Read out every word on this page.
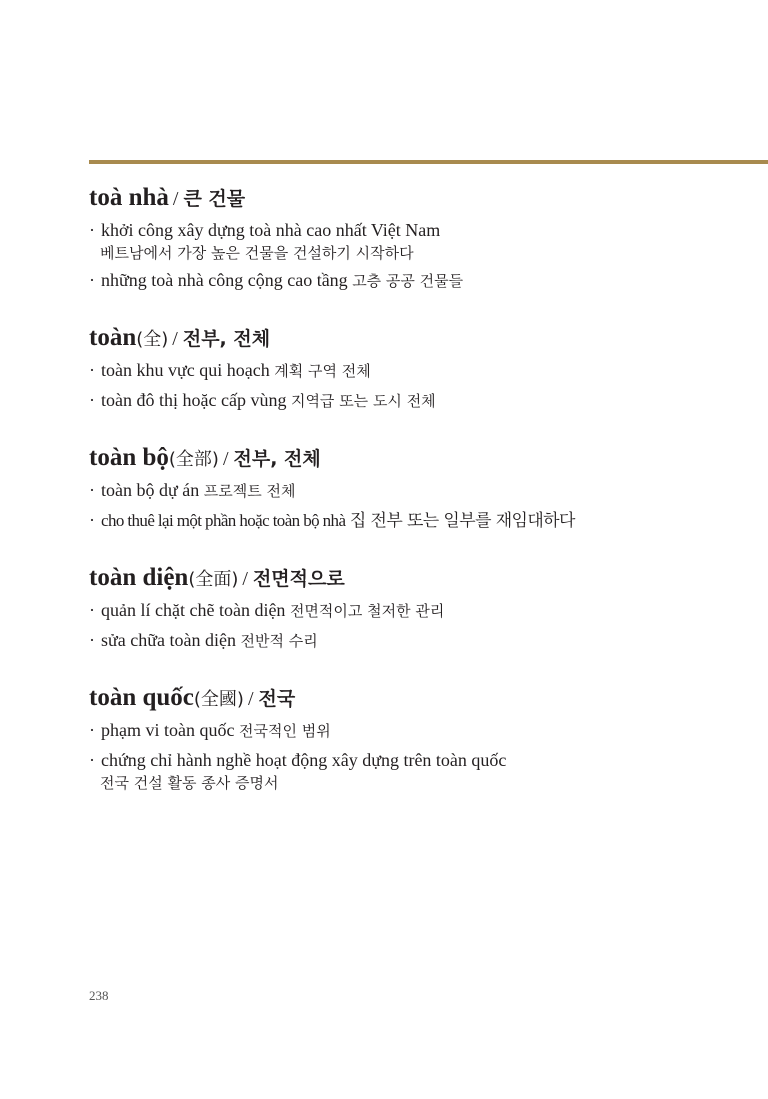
toà nhà / 큰 건물
· khởi công xây dựng toà nhà cao nhất Việt Nam
베트남에서 가장 높은 건물을 건설하기 시작하다
· những toà nhà công cộng cao tầng 고층 공공 건물들
toàn(全) / 전부, 전체
· toàn khu vực qui hoạch 계획 구역 전체
· toàn đô thị hoặc cấp vùng 지역급 또는 도시 전체
toàn bộ(全部) / 전부, 전체
· toàn bộ dự án 프로젝트 전체
· cho thuê lại một phần hoặc toàn bộ nhà 집 전부 또는 일부를 재임대하다
toàn diện(全面) / 전면적으로
· quản lí chặt chẽ toàn diện 전면적이고 철저한 관리
· sửa chữa toàn diện 전반적 수리
toàn quốc(全國) / 전국
· phạm vi toàn quốc 전국적인 범위
· chứng chỉ hành nghề hoạt động xây dựng trên toàn quốc
전국 건설 활동 종사 증명서
238
